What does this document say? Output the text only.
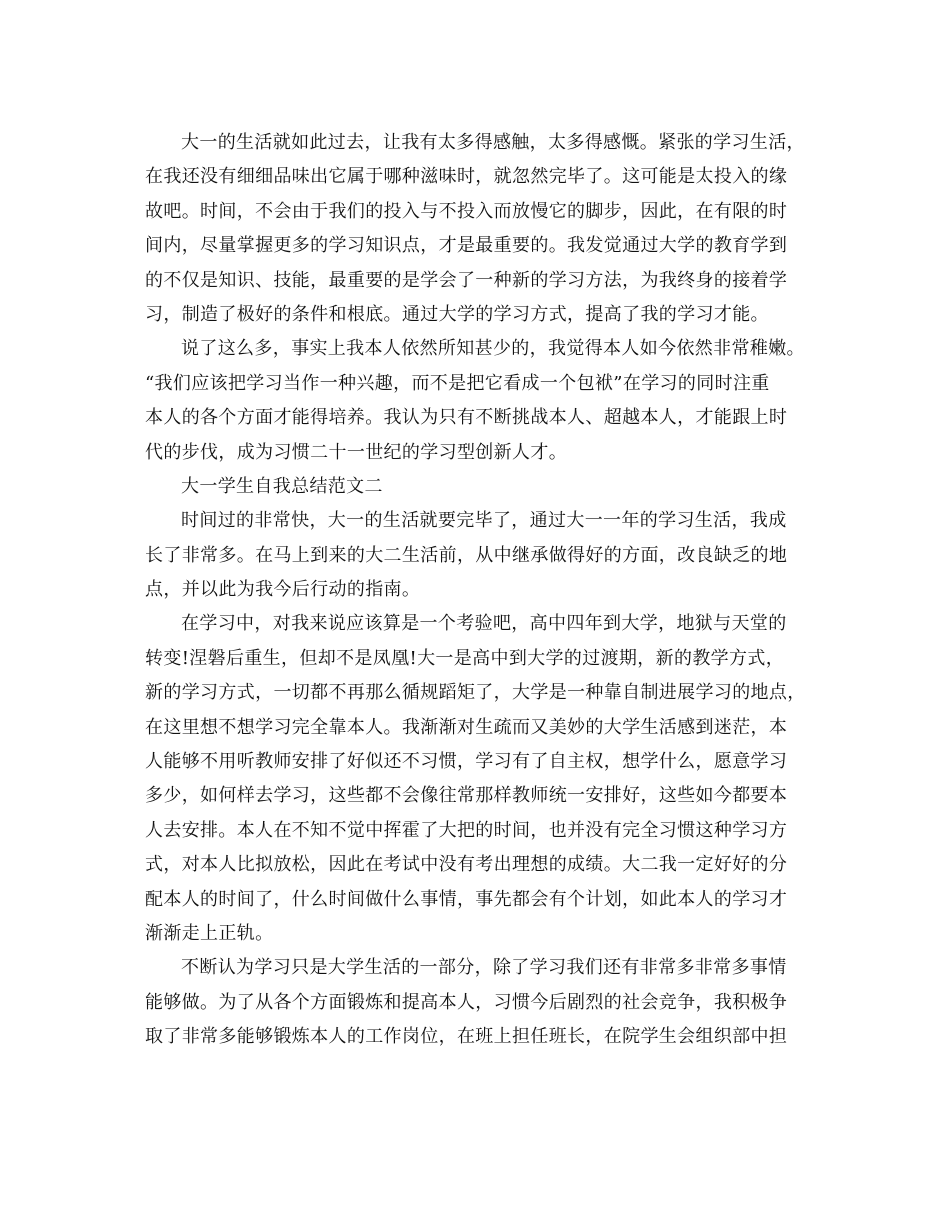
大一的生活就如此过去，让我有太多得感触，太多得感慨。紧张的学习生活，
在我还没有细细品味出它属于哪种滋味时，就忽然完毕了。这可能是太投入的缘
故吧。时间，不会由于我们的投入与不投入而放慢它的脚步，因此，在有限的时
间内，尽量掌握更多的学习知识点，才是最重要的。我发觉通过大学的教育学到
的不仅是知识、技能，最重要的是学会了一种新的学习方法，为我终身的接着学
习，制造了极好的条件和根底。通过大学的学习方式，提高了我的学习才能。
说了这么多，事实上我本人依然所知甚少的，我觉得本人如今依然非常稚嫩。
“我们应该把学习当作一种兴趣，而不是把它看成一个包袱”在学习的同时注重
本人的各个方面才能得培养。我认为只有不断挑战本人、超越本人，才能跟上时
代的步伐，成为习惯二十一世纪的学习型创新人才。
大一学生自我总结范文二
时间过的非常快，大一的生活就要完毕了，通过大一一年的学习生活，我成
长了非常多。在马上到来的大二生活前，从中继承做得好的方面，改良缺乏的地
点，并以此为我今后行动的指南。
在学习中，对我来说应该算是一个考验吧，高中四年到大学，地狱与天堂的
转变!涅磐后重生，但却不是凤凰!大一是高中到大学的过渡期，新的教学方式，
新的学习方式，一切都不再那么循规蹈矩了，大学是一种靠自制进展学习的地点，
在这里想不想学习完全靠本人。我渐渐对生疏而又美妙的大学生活感到迷茫，本
人能够不用听教师安排了好似还不习惯，学习有了自主权，想学什么，愿意学习
多少，如何样去学习，这些都不会像往常那样教师统一安排好，这些如今都要本
人去安排。本人在不知不觉中挥霍了大把的时间，也并没有完全习惯这种学习方
式，对本人比拟放松，因此在考试中没有考出理想的成绩。大二我一定好好的分
配本人的时间了，什么时间做什么事情，事先都会有个计划，如此本人的学习才
渐渐走上正轨。
不断认为学习只是大学生活的一部分，除了学习我们还有非常多非常多事情
能够做。为了从各个方面锻炼和提高本人，习惯今后剧烈的社会竞争，我积极争
取了非常多能够锻炼本人的工作岗位，在班上担任班长，在院学生会组织部中担
